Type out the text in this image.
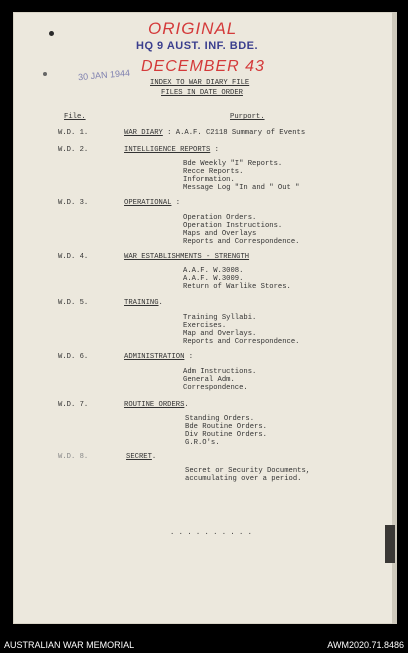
ORIGINAL
HQ 9 AUST. INF. BDE.
30 JAN 1944 DECEMBER 43
INDEX TO WAR DIARY FILE
FILES IN DATE ORDER
File.	Purport.
W.D. 1.	WAR DIARY : A.A.F. C2118 Summary of Events
W.D. 2.	INTELLIGENCE REPORTS :
Bde Weekly "I" Reports.
Recce Reports.
Information.
Message Log "In and " Out "
W.D. 3.	OPERATIONAL :
Operation Orders.
Operation Instructions.
Maps and Overlays
Reports and Correspondence.
W.D. 4.	WAR ESTABLISHMENTS - STRENGTH
A.A.F. W.3008.
A.A.F. W.3009.
Return of Warlike Stores.
W.D. 5.	TRAINING.
Training Syllabi.
Exercises.
Map and Overlays.
Reports and Correspondence.
W.D. 6.	ADMINISTRATION :
Adm Instructions.
General Adm.
Correspondence.
W.D. 7.	ROUTINE ORDERS.
Standing Orders.
Bde Routine Orders.
Div Routine Orders.
G.R.O's.
W.D. 8.	SECRET.
Secret or Security Documents,
accumulating over a period.
. . . . . . . . . .
AUSTRALIAN WAR MEMORIAL	AWM2020.71.8486
